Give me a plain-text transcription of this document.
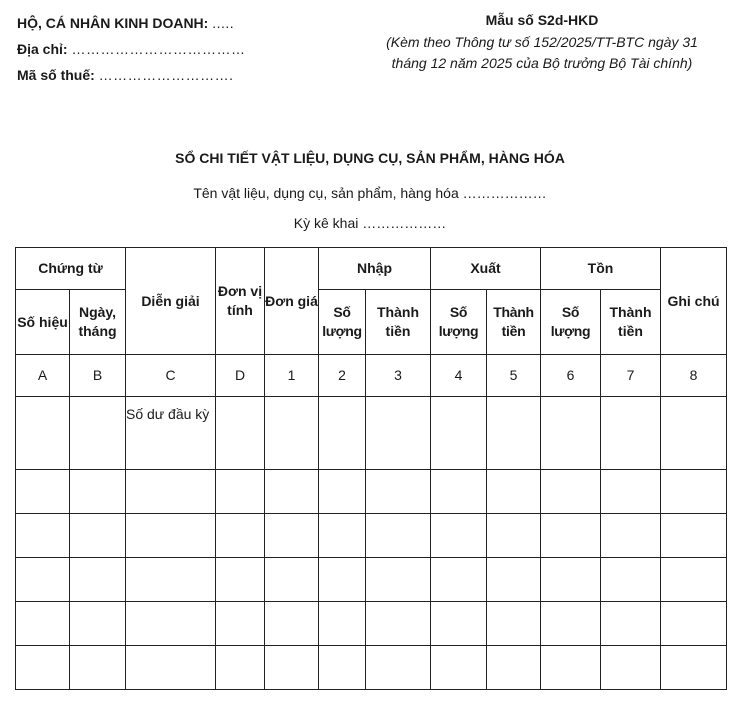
HỘ, CÁ NHÂN KINH DOANH: .....
Địa chỉ: ………………………………
Mã số thuế: ……………………….
Mẫu số S2d-HKD
(Kèm theo Thông tư số 152/2025/TT-BTC ngày 31
tháng 12 năm 2025 của Bộ trưởng Bộ Tài chính)
SỔ CHI TIẾT VẬT LIỆU, DỤNG CỤ, SẢN PHẨM, HÀNG HÓA
Tên vật liệu, dụng cụ, sản phẩm, hàng hóa ………………
Kỳ kê khai ………………
Chứng từ		Diễn giải	Đơn vị tính	Đơn giá	Nhập		Xuất		Tồn		Ghi chú
Số hiệu	Ngày, tháng				Số lượng	Thành tiền	Số lượng	Thành tiền	Số lượng	Thành tiền	
A	B	C	D	1	2	3	4	5	6	7	8
		Số dư đầu kỳ									
